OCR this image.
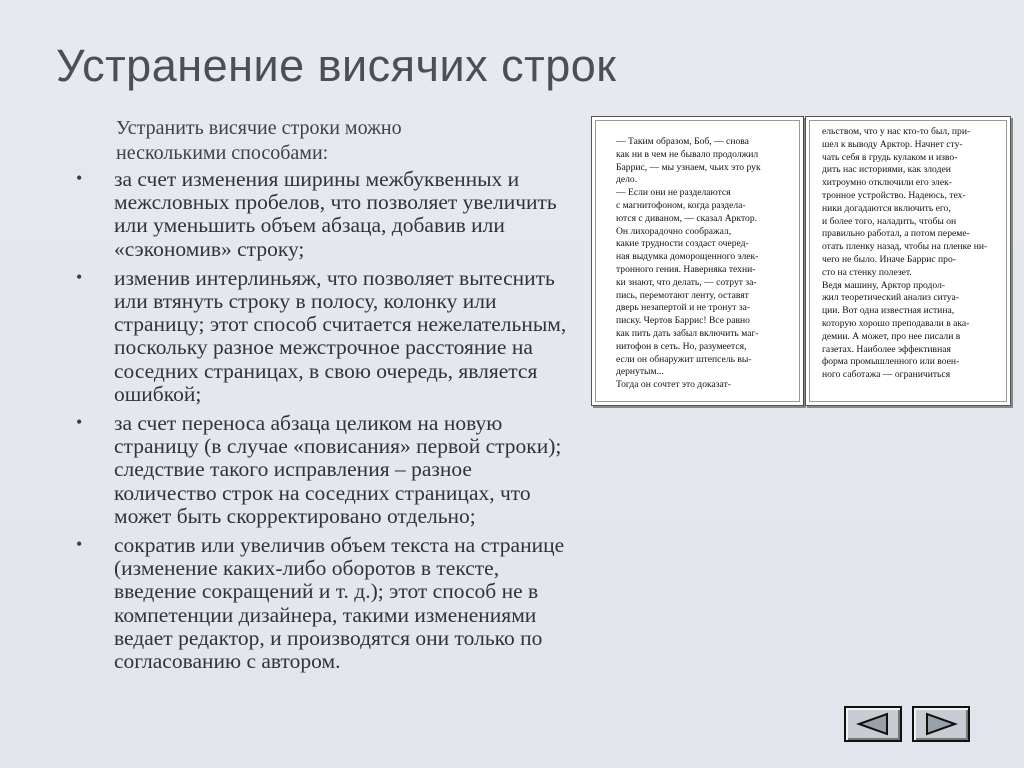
Устранение висячих строк
Устранить висячие строки можно несколькими способами:
• за счет изменения ширины межбуквенных и межсловных пробелов, что позволяет увеличить или уменьшить объем абзаца, добавив или «сэкономив» строку;
• изменив интерлиньяж, что позволяет вытеснить или втянуть строку в полосу, колонку или страницу; этот способ считается нежелательным, поскольку разное межстрочное расстояние на соседних страницах, в свою очередь, является ошибкой;
• за счет переноса абзаца целиком на новую страницу (в случае «повисания» первой строки); следствие такого исправления – разное количество строк на соседних страницах, что может быть скорректировано отдельно;
• сократив или увеличив объем текста на странице (изменение каких-либо оборотов в тексте, введение сокращений и т. д.); этот способ не в компетенции дизайнера, такими изменениями ведает редактор, и производятся они только по согласованию с автором.
— Таким образом, Боб, — снова
как ни в чем не бывало продолжил
Баррис, — мы узнаем, чьих это рук
дело.
— Если они не разделаются
с магнитофоном, когда разделa-
ются с диваном, — сказал Арктор.
Он лихорадочно соображал,
какие трудности создаст очеред-
ная выдумка доморощенного элек-
тронного гения. Наверняка техни-
ки знают, что делать, — сотрут за-
пись, перемотают ленту, оставят
дверь незапертой и не тронут за-
писку. Чертов Баррис! Все равно
как пить дать забыл включить маг-
нитофон в сеть. Но, разумеется,
если он обнаружит штепсель вы-
дернутым...
Тогда он сочтет это доказат-
ельством, что у нас кто-то был, при-
шел к выводу Арктор. Начнет сту-
чать себя в грудь кулаком и изво-
дить нас историями, как злодеи
хитроумно отключили его элек-
тронное устройство. Надеюсь, тех-
ники догадаются включить его,
и более того, наладить, чтобы он
правильно работал, а потом переме-
отать пленку назад, чтобы на пленке ни-
чего не было. Иначе Баррис про-
сто на стенку полезет.
Ведя машину, Арктор продол-
жил теоретический анализ ситуа-
ции. Вот одна известная истина,
которую хорошо преподавали в ака-
демии. А может, про нее писали в
газетах. Наиболее эффективная
форма промышленного или воен-
ного саботажа — ограничиться
